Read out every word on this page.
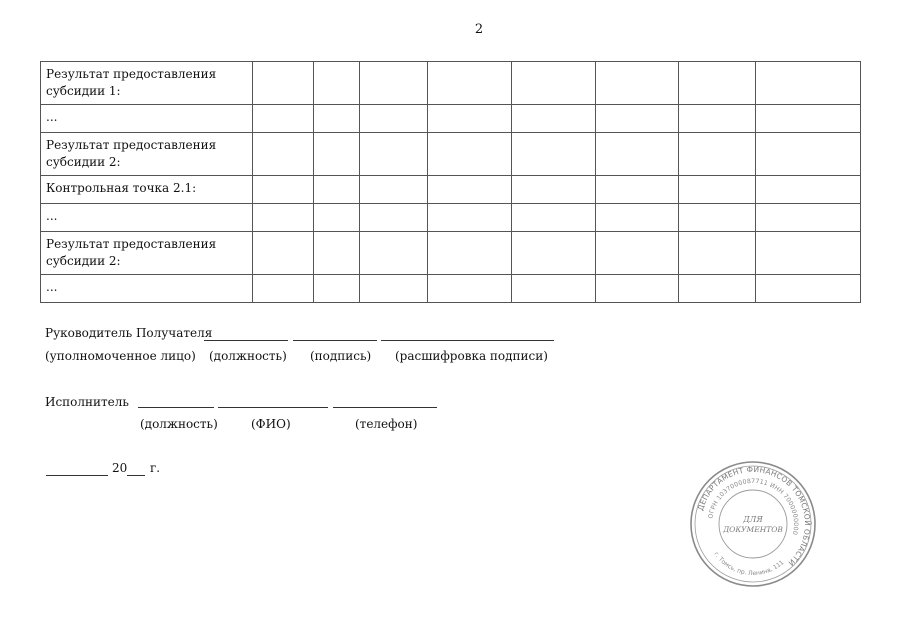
2
Результат предоставления субсидии 1:								
...								
Результат предоставления субсидии 2:								
Контрольная точка 2.1:								
...								
Результат предоставления субсидии 2:								
...								
Руководитель Получателя
(уполномоченное лицо) (должность) (подпись) (расшифровка подписи)
Исполнитель
(должность)	(ФИО)	(телефон)
20 г.
ДЕПАРТАМЕНТ ФИНАНСОВ ТОМСКОЙ ОБЛАСТИ
ОГРН 1037000087711 ИНН 7000000000
г. Томсь, пр. Ленина, 111
ДЛЯ
ДОКУМЕНТОВ
